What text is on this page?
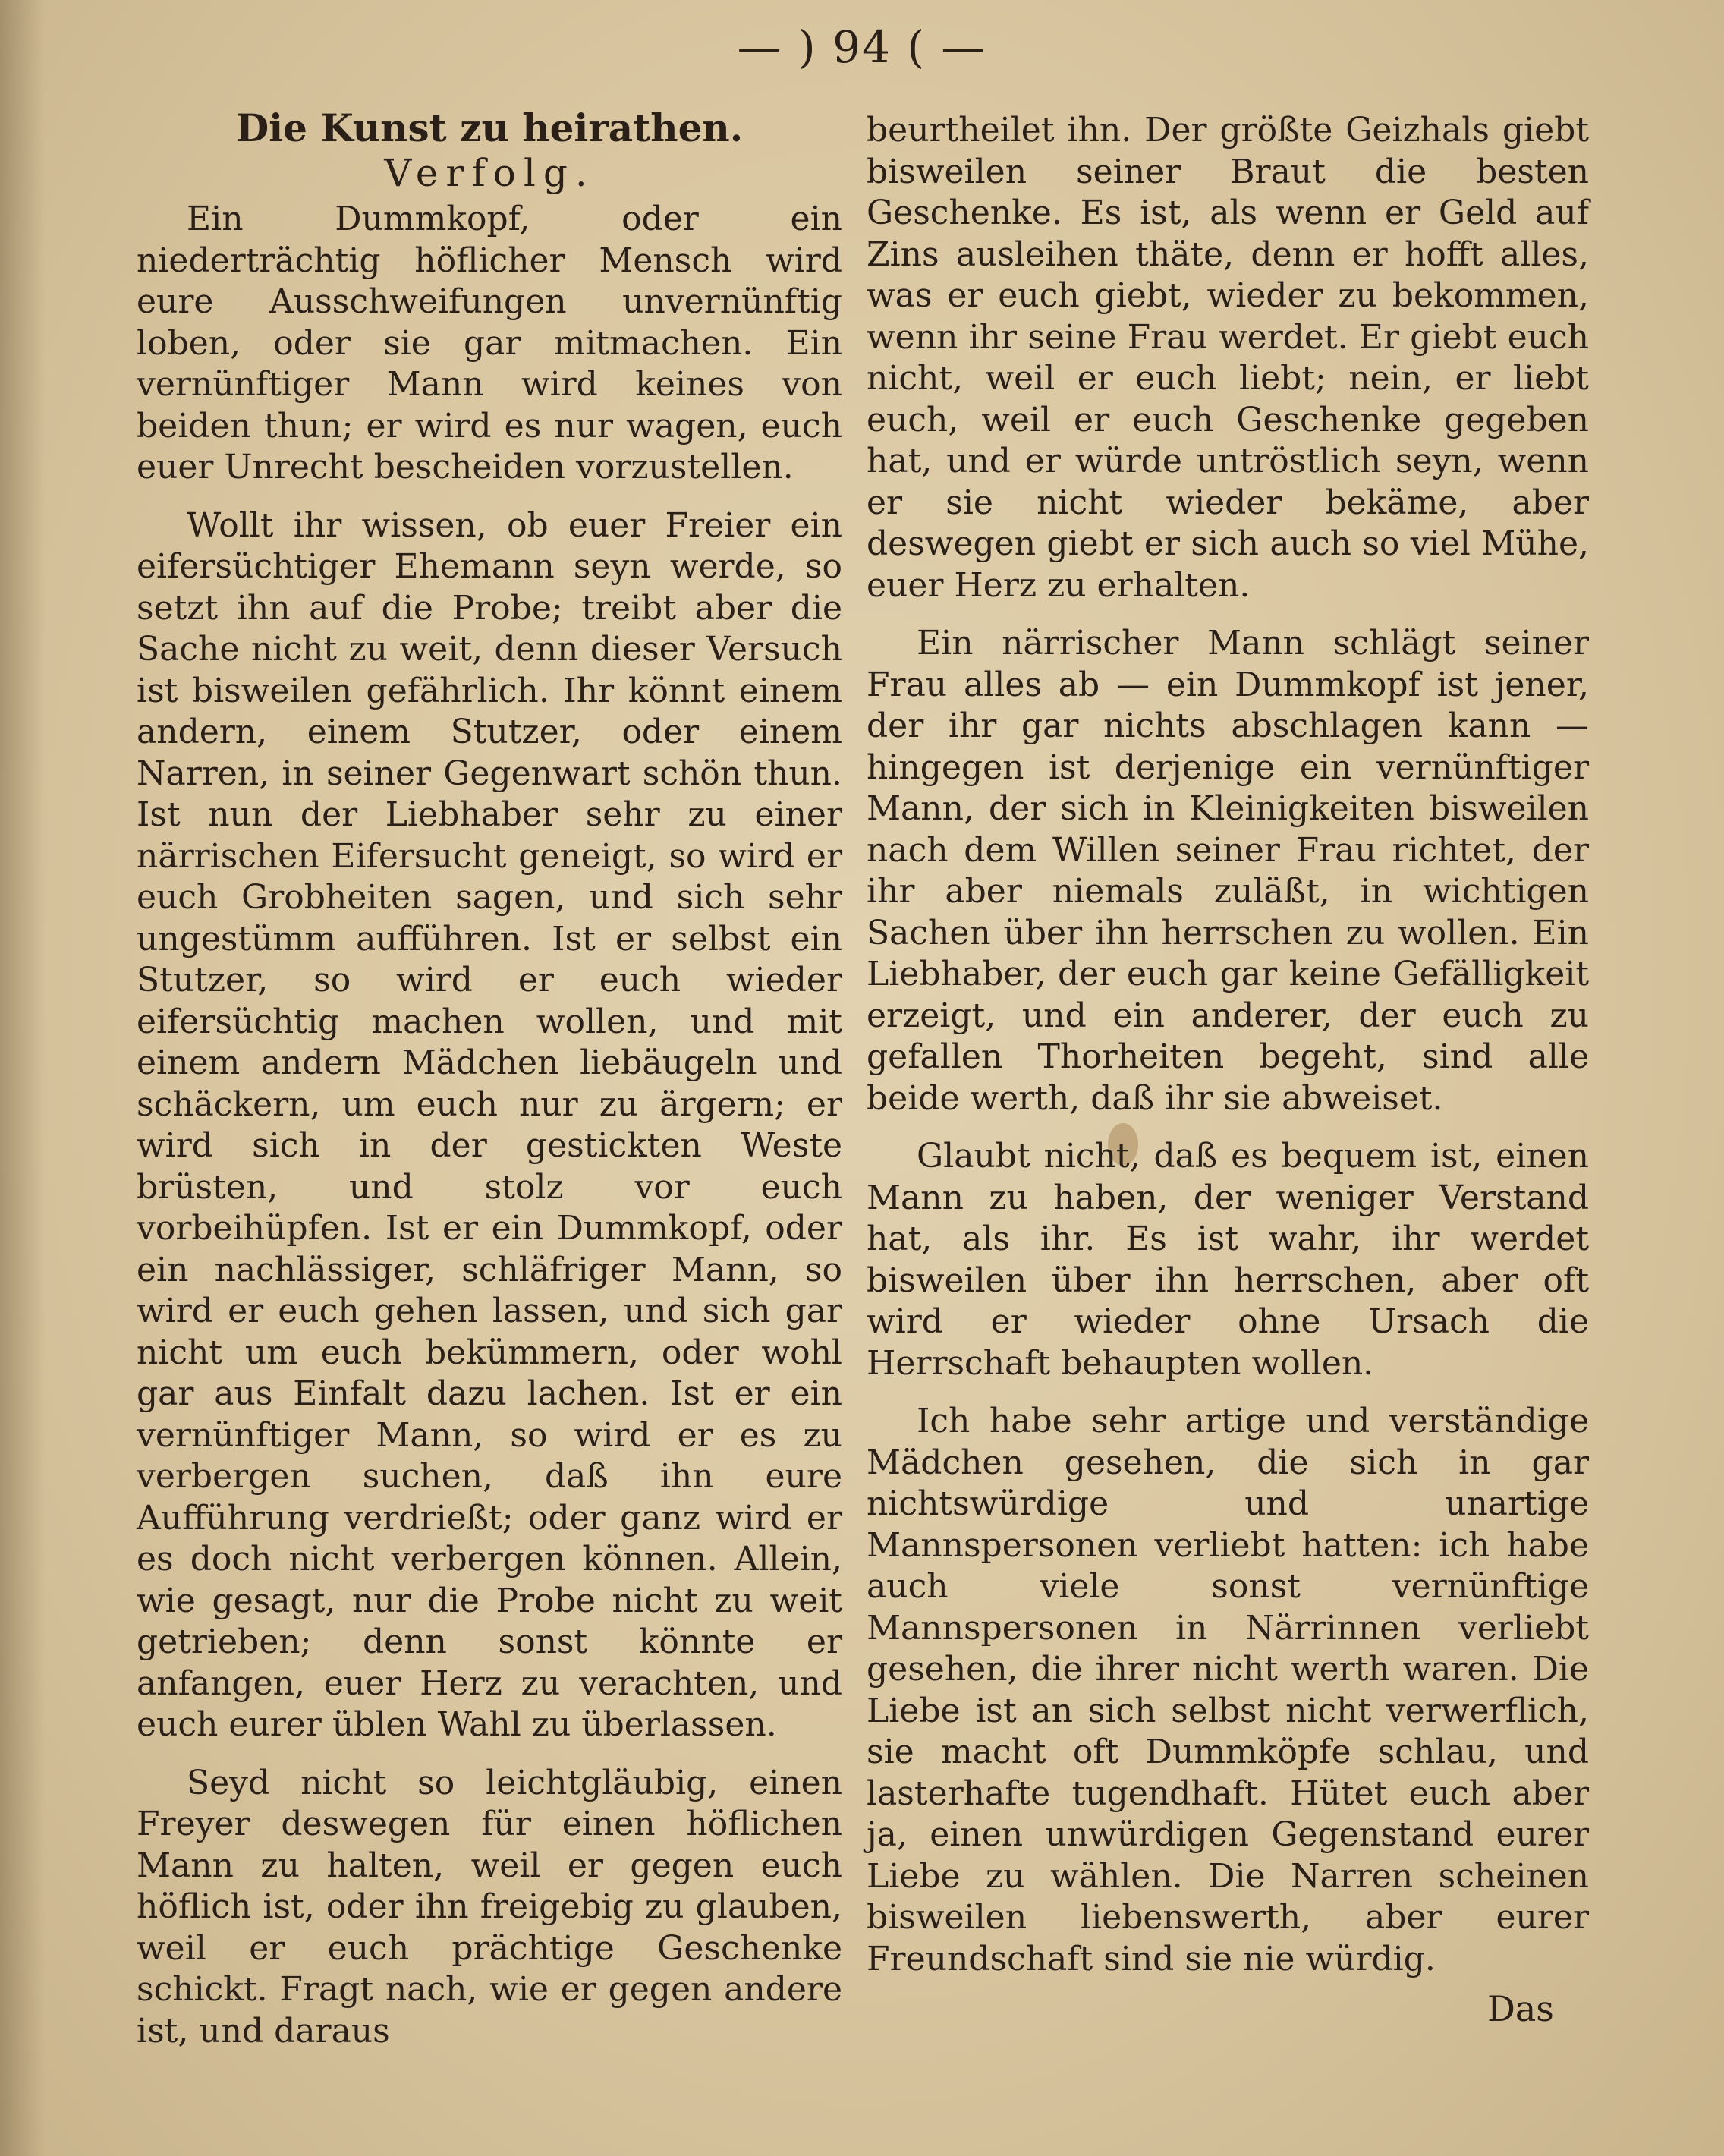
— ) 94 ( —
Die Kunst zu heirathen.
Verfolg.

Ein Dummkopf, oder ein niederträchtig höflicher Mensch wird eure Ausschweifungen unvernünftig loben, oder sie gar mitmachen. Ein vernünftiger Mann wird keines von beiden thun; er wird es nur wagen, euch euer Unrecht bescheiden vorzustellen.

Wollt ihr wissen, ob euer Freier ein eifersüchtiger Ehemann seyn werde, so setzt ihn auf die Probe; treibt aber die Sache nicht zu weit, denn dieser Versuch ist bisweilen gefährlich. Ihr könnt einem andern, einem Stutzer, oder einem Narren, in seiner Gegenwart schön thun. Ist nun der Liebhaber sehr zu einer närrischen Eifersucht geneigt, so wird er euch Grobheiten sagen, und sich sehr ungestümm aufführen. Ist er selbst ein Stutzer, so wird er euch wieder eifersüchtig machen wollen, und mit einem andern Mädchen liebäugeln und schäckern, um euch nur zu ärgern; er wird sich in der gestickten Weste brüsten, und stolz vor euch vorbeihüpfen. Ist er ein Dummkopf, oder ein nachlässiger, schläfriger Mann, so wird er euch gehen lassen, und sich gar nicht um euch bekümmern, oder wohl gar aus Einfalt dazu lachen. Ist er ein vernünftiger Mann, so wird er es zu verbergen suchen, daß ihn eure Aufführung verdrießt; oder ganz wird er es doch nicht verbergen können. Allein, wie gesagt, nur die Probe nicht zu weit getrieben; denn sonst könnte er anfangen, euer Herz zu verachten, und euch eurer üblen Wahl zu überlassen.

Seyd nicht so leichtgläubig, einen Freyer deswegen für einen höflichen Mann zu halten, weil er gegen euch höflich ist, oder ihn freigebig zu glauben, weil er euch prächtige Geschenke schickt. Fragt nach, wie er gegen andere ist, und daraus

beurtheilet ihn. Der größte Geizhals giebt bisweilen seiner Braut die besten Geschenke. Es ist, als wenn er Geld auf Zins ausleihen thäte, denn er hofft alles, was er euch giebt, wieder zu bekommen, wenn ihr seine Frau werdet. Er giebt euch nicht, weil er euch liebt; nein, er liebt euch, weil er euch Geschenke gegeben hat, und er würde untröstlich seyn, wenn er sie nicht wieder bekäme, aber deswegen giebt er sich auch so viel Mühe, euer Herz zu erhalten.

Ein närrischer Mann schlägt seiner Frau alles ab — ein Dummkopf ist jener, der ihr gar nichts abschlagen kann — hingegen ist derjenige ein vernünftiger Mann, der sich in Kleinigkeiten bisweilen nach dem Willen seiner Frau richtet, der ihr aber niemals zuläßt, in wichtigen Sachen über ihn herrschen zu wollen. Ein Liebhaber, der euch gar keine Gefälligkeit erzeigt, und ein anderer, der euch zu gefallen Thorheiten begeht, sind alle beide werth, daß ihr sie abweiset.

Glaubt nicht, daß es bequem ist, einen Mann zu haben, der weniger Verstand hat, als ihr. Es ist wahr, ihr werdet bisweilen über ihn herrschen, aber oft wird er wieder ohne Ursach die Herrschaft behaupten wollen.

Ich habe sehr artige und verständige Mädchen gesehen, die sich in gar nichtswürdige und unartige Mannspersonen verliebt hatten: ich habe auch viele sonst vernünftige Mannspersonen in Närrinnen verliebt gesehen, die ihrer nicht werth waren. Die Liebe ist an sich selbst nicht verwerflich, sie macht oft Dummköpfe schlau, und lasterhafte tugendhaft. Hütet euch aber ja, einen unwürdigen Gegenstand eurer Liebe zu wählen. Die Narren scheinen bisweilen liebenswerth, aber eurer Freundschaft sind sie nie würdig.

Das
